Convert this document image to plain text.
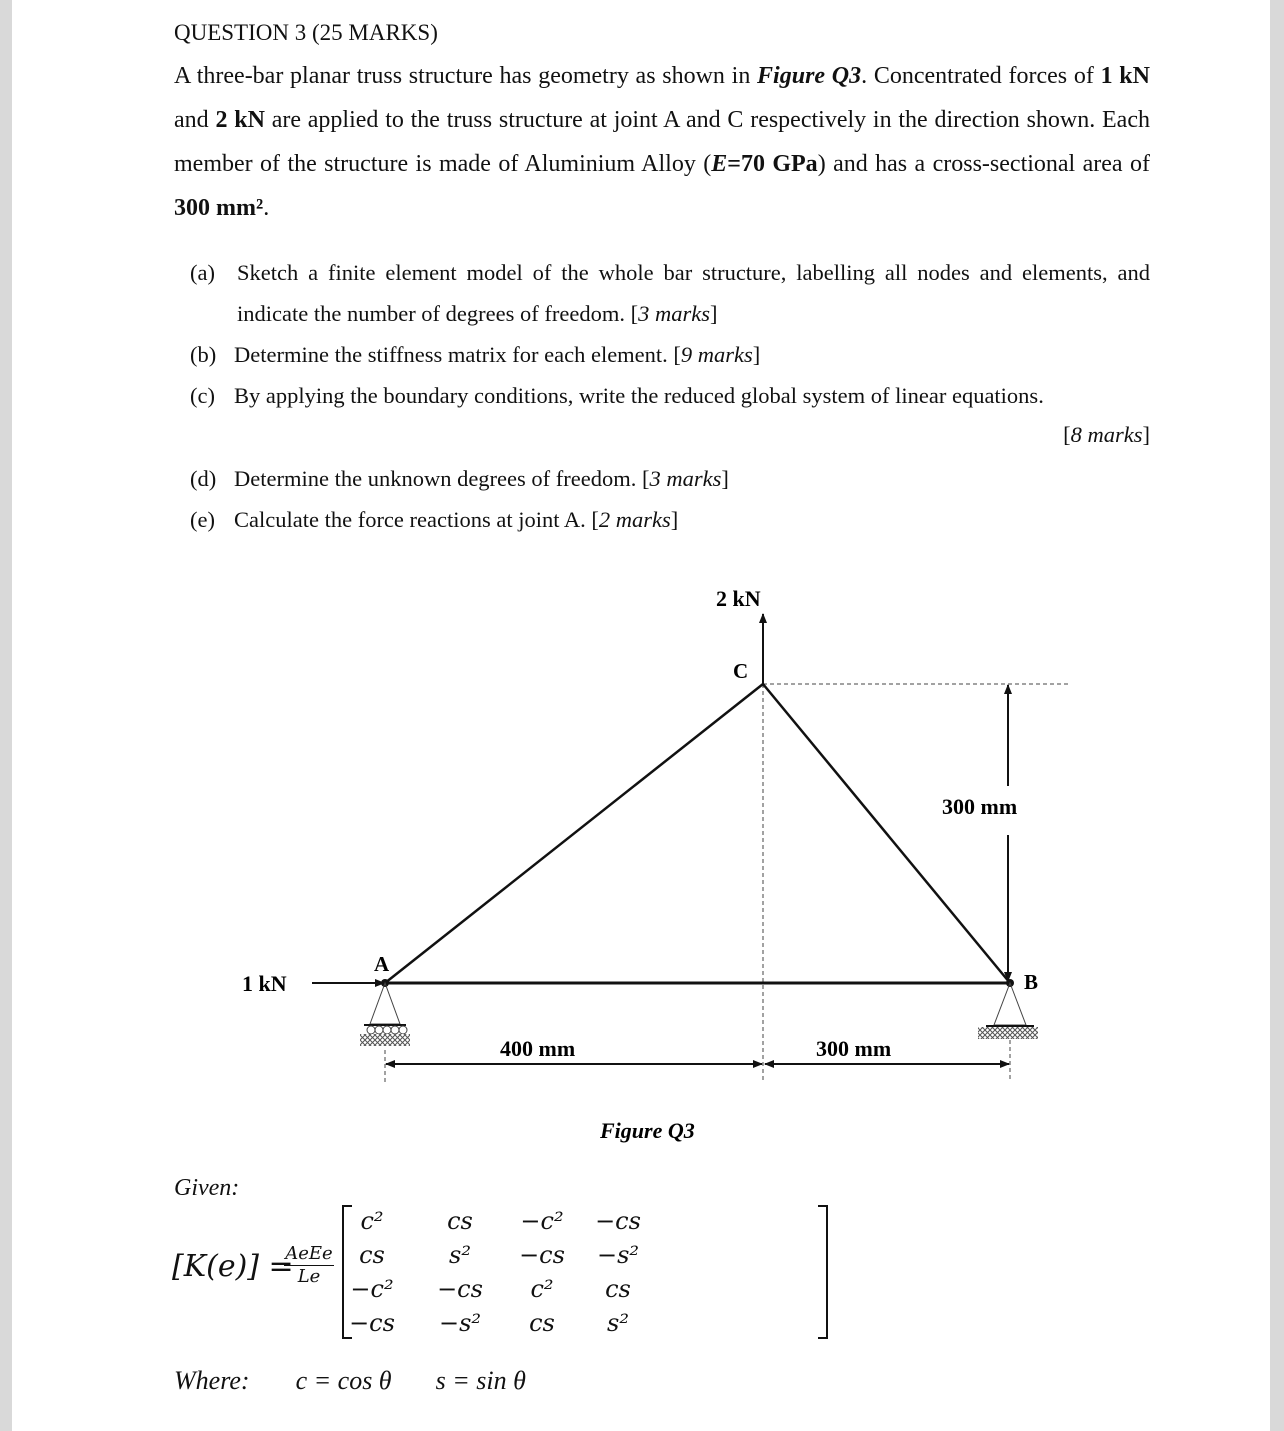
QUESTION 3 (25 MARKS)
A three-bar planar truss structure has geometry as shown in Figure Q3. Concentrated forces of 1 kN and 2 kN are applied to the truss structure at joint A and C respectively in the direction shown. Each member of the structure is made of Aluminium Alloy (E=70 GPa) and has a cross-sectional area of 300 mm².
(a) Sketch a finite element model of the whole bar structure, labelling all nodes and elements, and indicate the number of degrees of freedom. [3 marks]
(b) Determine the stiffness matrix for each element. [9 marks]
(c) By applying the boundary conditions, write the reduced global system of linear equations.
[8 marks]
(d) Determine the unknown degrees of freedom. [3 marks]
(e) Calculate the force reactions at joint A. [2 marks]
2 kN
C
300 mm
A
1 kN	B
400 mm	300 mm
Figure Q3
Given:
[K(e)] =
AeEe
Le
c²	cs	−c²	−cs
cs	s²	−cs	−s²
−c²	−cs	c²	cs
−cs	−s²	cs	s²
Where: c = cos θ s = sin θ
